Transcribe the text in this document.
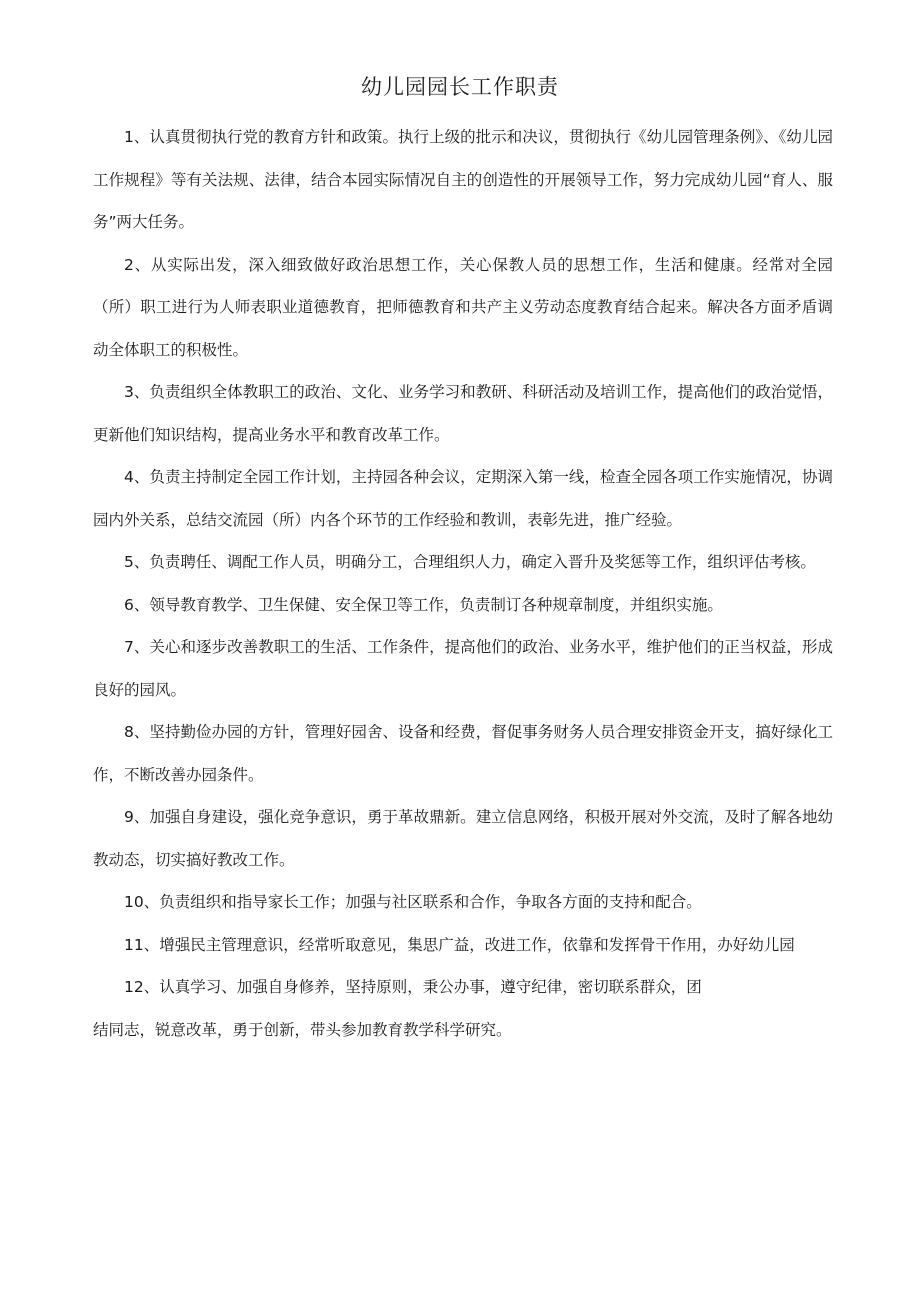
幼儿园园长工作职责

1、认真贯彻执行党的教育方针和政策。执行上级的批示和决议，贯彻执行《幼儿园管理条例》、《幼儿园工作规程》等有关法规、法律，结合本园实际情况自主的创造性的开展领导工作，努力完成幼儿园“育人、服务”两大任务。

2、从实际出发，深入细致做好政治思想工作，关心保教人员的思想工作，生活和健康。经常对全园（所）职工进行为人师表职业道德教育，把师德教育和共产主义劳动态度教育结合起来。解决各方面矛盾调动全体职工的积极性。

3、负责组织全体教职工的政治、文化、业务学习和教研、科研活动及培训工作，提高他们的政治觉悟，更新他们知识结构，提高业务水平和教育改革工作。

4、负责主持制定全园工作计划，主持园各种会议，定期深入第一线，检查全园各项工作实施情况，协调园内外关系，总结交流园（所）内各个环节的工作经验和教训，表彰先进，推广经验。

5、负责聘任、调配工作人员，明确分工，合理组织人力，确定入晋升及奖惩等工作，组织评估考核。

6、领导教育教学、卫生保健、安全保卫等工作，负责制订各种规章制度，并组织实施。

7、关心和逐步改善教职工的生活、工作条件，提高他们的政治、业务水平，维护他们的正当权益，形成良好的园风。

8、坚持勤俭办园的方针，管理好园舍、设备和经费，督促事务财务人员合理安排资金开支，搞好绿化工作，不断改善办园条件。

9、加强自身建设，强化竞争意识，勇于革故鼎新。建立信息网络，积极开展对外交流，及时了解各地幼教动态，切实搞好教改工作。

10、负责组织和指导家长工作；加强与社区联系和合作，争取各方面的支持和配合。

11、增强民主管理意识，经常听取意见，集思广益，改进工作，依靠和发挥骨干作用，办好幼儿园

12、认真学习、加强自身修养，坚持原则，秉公办事，遵守纪律，密切联系群众，团
结同志，锐意改革，勇于创新，带头参加教育教学科学研究。
